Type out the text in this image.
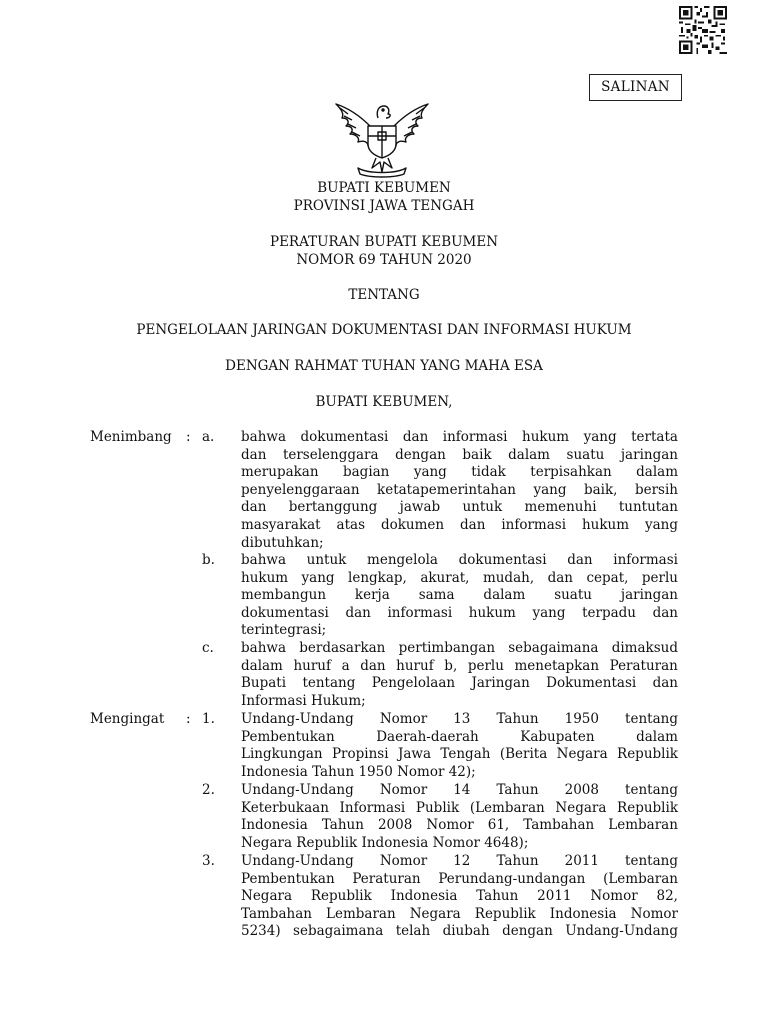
SALINAN
BUPATI KEBUMEN
PROVINSI JAWA TENGAH
PERATURAN BUPATI KEBUMEN
NOMOR 69 TAHUN 2020
TENTANG
PENGELOLAAN JARINGAN DOKUMENTASI DAN INFORMASI HUKUM
DENGAN RAHMAT TUHAN YANG MAHA ESA
BUPATI KEBUMEN,
Menimbang : a. bahwa dokumentasi dan informasi hukum yang tertata
dan terselenggara dengan baik dalam suatu jaringan
merupakan bagian yang tidak terpisahkan dalam
penyelenggaraan ketatapemerintahan yang baik, bersih
dan bertanggung jawab untuk memenuhi tuntutan
masyarakat atas dokumen dan informasi hukum yang
dibutuhkan;
b. bahwa untuk mengelola dokumentasi dan informasi
hukum yang lengkap, akurat, mudah, dan cepat, perlu
membangun kerja sama dalam suatu jaringan
dokumentasi dan informasi hukum yang terpadu dan
terintegrasi;
c. bahwa berdasarkan pertimbangan sebagaimana dimaksud
dalam huruf a dan huruf b, perlu menetapkan Peraturan
Bupati tentang Pengelolaan Jaringan Dokumentasi dan
Informasi Hukum;
Mengingat : 1. Undang-Undang Nomor 13 Tahun 1950 tentang
Pembentukan	Daerah-daerah	Kabupaten	dalam
Lingkungan Propinsi Jawa Tengah (Berita Negara Republik
Indonesia Tahun 1950 Nomor 42);
2. Undang-Undang Nomor 14 Tahun 2008 tentang
Keterbukaan Informasi Publik (Lembaran Negara Republik
Indonesia Tahun 2008 Nomor 61, Tambahan Lembaran
Negara Republik Indonesia Nomor 4648);
3. Undang-Undang Nomor 12 Tahun 2011 tentang
Pembentukan Peraturan Perundang-undangan (Lembaran
Negara Republik Indonesia Tahun 2011 Nomor 82,
Tambahan Lembaran Negara Republik Indonesia Nomor
5234) sebagaimana telah diubah dengan Undang-Undang
